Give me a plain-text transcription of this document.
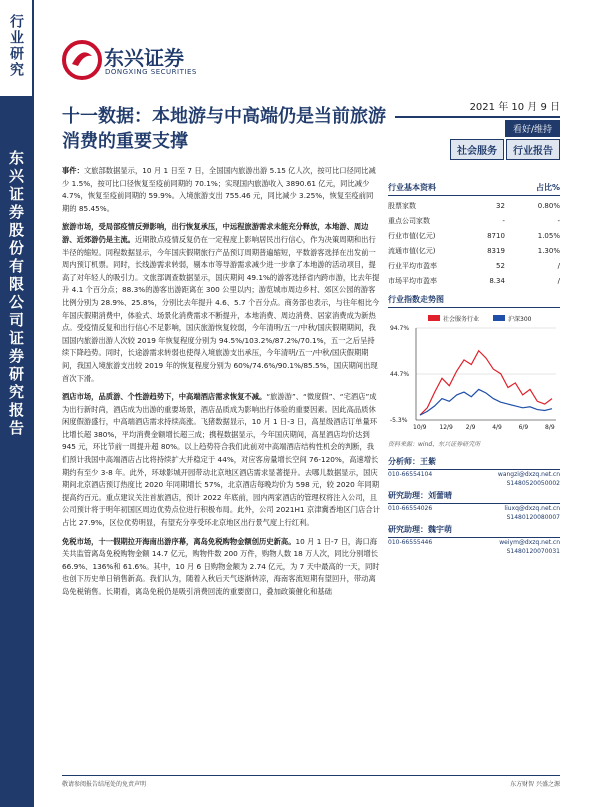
行业研究
东兴证券股份有限公司证券研究报告
东兴证券
DONGXING SECURITIES
十一数据：本地游与中高端仍是当前旅游消费的重要支撑
2021 年 10 月 9 日
看好/维持
社会服务	行业报告

事件：文旅部数据显示，10 月 1 日至 7 日，全国国内旅游出游 5.15 亿人次，按可比口径同比减少 1.5%，按可比口径恢复至疫前同期的 70.1%；实现国内旅游收入 3890.61 亿元，同比减少 4.7%，恢复至疫前同期的 59.9%。入境旅游支出 755.46 元，同比减少 3.25%，恢复至疫前同期的 85.45%。

旅游市场，受局部疫情反弹影响，出行恢复承压，中远程旅游需求未能充分释放，本地游、周边游、近郊游仍是主流。近期散点疫情反复仍在一定程度上影响居民出行信心，作为决策周期和出行半径的缩短。同程数据显示，今年国庆假期旅行产品预订周期普遍缩短，平数游客选择在出发前一周内预订机票。同时，长线游需求转弱，剔本市等导游需求减少进一步拿了本地游的活动项目，提高了对年轻人的吸引力。文旅部调查数据显示，国庆期间 49.1%的游客选择省内跨市游，比去年提升 4.1 个百分点；88.3%的游客出游距离在 300 公里以内；游览城市周边乡村、郊区公园的游客比例分别为 28.9%、25.8%，分别比去年提升 4.6、5.7 个百分点。商务部也表示，与往年相比今年国庆假期消费中，体验式、场景化消费需求不断提升，本地消费、周边消费、居家消费成为新热点。受疫情反复和出行信心不足影响，国庆旅游恢复较弱，今年清明/五一/中秋/国庆假期期间，我国国内旅游出游人次较 2019 年恢复程度分别为 94.5%/103.2%/87.2%/70.1%，五一之后呈持续下降趋势。同时，长途游需求转弱也使得入境旅游支出承压，今年清明/五一/中秋/国庆假期期间，我国入境旅游支出较 2019 年的恢复程度分别为 60%/74.6%/90.1%/85.5%，国庆期间出现首次下滑。

酒店市场，品质游、个性游趋势下，中高端酒店需求恢复不减。“旅游游”、“微度假”、“宅酒店”成为出行新时尚，酒店成为出游的重要场景，酒店品质成为影响出行体验的重要因素。因此高品质休闲度假游盛行，中高端酒店需求持续高涨。飞猪数据显示，10 月 1 日-3 日，高星级酒店订单量环比增长超 380%，平均消费金额增长超三成；携程数据显示，今年国庆期间，高星酒店均价达到 945 元，环比节前一周提升超 80%。以上趋势符合我们此前对中高端酒店结构性机会的判断，我们预计我国中高端酒店占比将持续扩大并稳定于 44%，对应客房量增长空间 76-120%，高速增长期约有至少 3-8 年。此外，环球影城开园带动北京地区酒店需求显著提升。去哪儿数据显示，国庆期间北京酒店预订热度比 2020 年同期增长 57%，北京酒店每晚均价为 598 元，较 2020 年同期提高约百元。重点建议关注首旅酒店，预计 2022 年底前，园内两家酒店的管理权将注入公司，且公司预计将于明年初国区周边优势点位进行积极布局。此外，公司 2021H1 京津冀香地区门店合计占比 27.9%，区位优势明显，有望充分享受环北京地区出行景气度上行红利。

免税市场，十一假期拉开海南出游序幕，离岛免税购物金额创历史新高。10 月 1 日-7 日，海口海关共监管离岛免税购物金额 14.7 亿元，购物件数 200 万件，购物人数 18 万人次，同比分别增长 66.9%、136%和 61.6%。其中，10 月 6 日购物金额为 2.74 亿元，为 7 天中最高的一天，同时也创下历史单日销售新高。我们认为，随着入秋后天气逐渐转凉，海南客流短期有望回升，带动离岛免税销售。长期看，离岛免税仍是吸引消费回流的重要窗口，叠加政策催化和基础

行业基本资料	占比%
股票家数	32	0.80%
重点公司家数	-	-
行业市值(亿元)	8710	1.05%
流通市值(亿元)	8319	1.30%
行业平均市盈率	52	/
市场平均市盈率	8.34	/
行业指数走势图
社会服务行业	沪深300
94.7%
44.7%
-5.3%
10/9 12/9 2/9	4/9	6/9	8/9
资料来源：wind、东兴证券研究所
分析师：王紫
010-66554104	wangzi@dxzq.net.cn
S1480520050002
研究助理：刘蕾晴
010-66554026	liuxq@dxzq.net.cn
S1480120080007
研究助理：魏宇萌
010-66555446	weiym@dxzq.net.cn
S1480120070031
敬请参阅报告结尾处的免责声明	东方财智 兴盛之源
